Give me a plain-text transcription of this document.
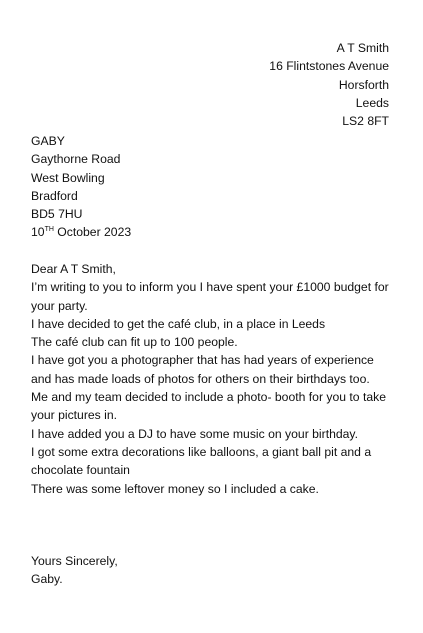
A T Smith
16 Flintstones Avenue
Horsforth
Leeds
LS2 8FT
GABY
Gaythorne Road
West Bowling
Bradford
BD5 7HU
10TH October 2023
Dear A T Smith,
I’m writing to you to inform you I have spent your £1000 budget for your party.
I have decided to get the café club, in a place in Leeds
The café club can fit up to 100 people.
I have got you a photographer that has had years of experience and has made loads of photos for others on their birthdays too.
Me and my team decided to include a photo- booth for you to take your pictures in.
I have added you a DJ to have some music on your birthday.
I got some extra decorations like balloons, a giant ball pit and a chocolate fountain
There was some leftover money so I included a cake.
Yours Sincerely,
Gaby.
